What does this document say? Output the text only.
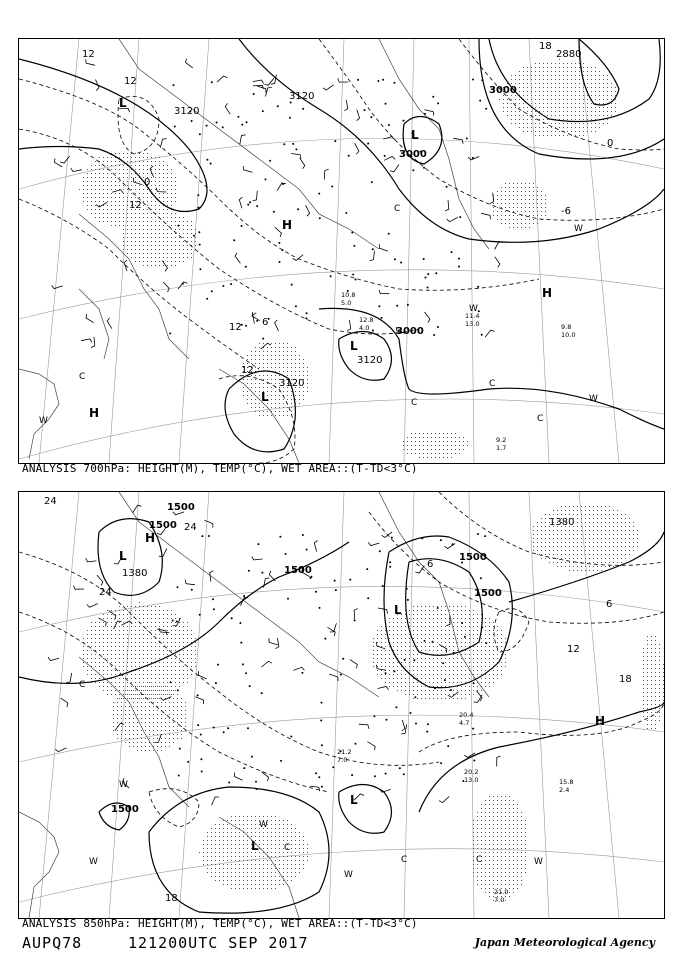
3120
3120
3000
3000
3000
3120
3120
2880
12
12
12
12
12
0
0
-6
6
18
L
L
L
L
H
H
H	W
W
W
W
C
C
C
C
C
9.2
1.7
9.8
10.0
11.4
13.0
10.8
5.0
12.8
4.0
ANALYSIS 700hPa: HEIGHT(M), TEMP(°C), WET AREA::(T-TD<3°C)
1500
1500
1500
1500
1500
1500
1380
1380
24
24
24
6
6
12
18
18
L
L
L
L
H
H
W
W
W
W
W
C
C	C
C
20.2
13.0	15.8
2.4
21.0
7.0
20.4
4.7
21.2
7.0
ANALYSIS 850hPa: HEIGHT(M), TEMP(°C), WET AREA::(T-TD<3°C)
AUPQ78	121200UTC SEP 2017	Japan Meteorological Agency
